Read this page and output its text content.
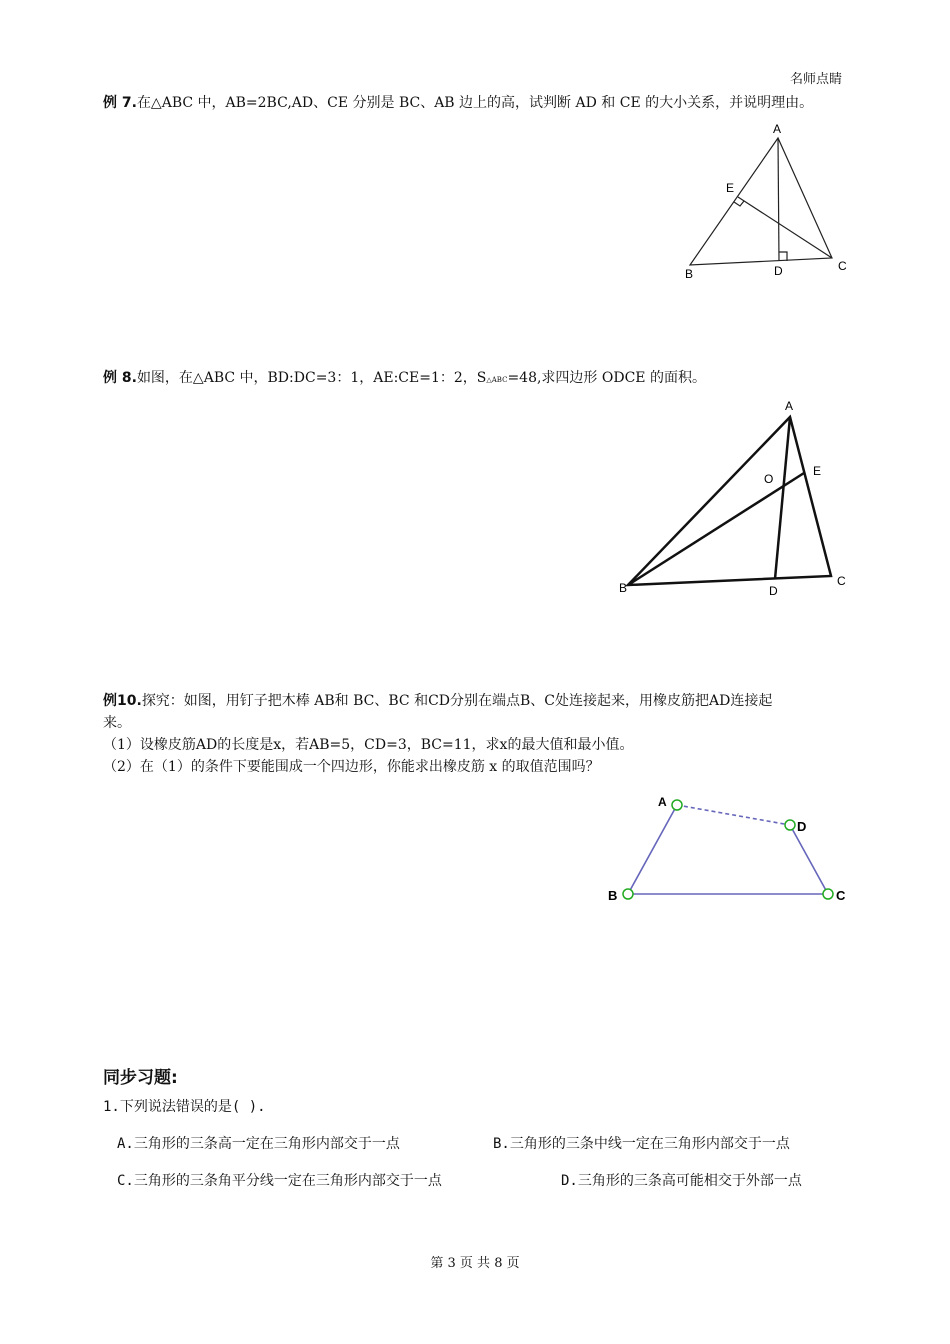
名师点睛
例 7.在△ABC 中，AB=2BC,AD、CE 分别是 BC、AB 边上的高，试判断 AD 和 CE 的大小关系，并说明理由。
A
E
B	D	C
例 8.如图，在△ABC 中，BD:DC=3：1，AE:CE=1：2，S△ABC=48,求四边形 ODCE 的面积。
A
O
E
B	D
C
例10.探究：如图，用钉子把木棒 AB和 BC、BC 和CD分别在端点B、C处连接起来，用橡皮筋把AD连接起
来。
（1）设橡皮筋AD的长度是x，若AB=5，CD=3，BC=11，求x的最大值和最小值。
（2）在（1）的条件下要能围成一个四边形，你能求出橡皮筋 x 的取值范围吗？
A
D
B	C
同步习题:
1.下列说法错误的是( ).
A.三角形的三条高一定在三角形内部交于一点	B.三角形的三条中线一定在三角形内部交于一点
C.三角形的三条角平分线一定在三角形内部交于一点	D.三角形的三条高可能相交于外部一点
第 3 页 共 8 页
